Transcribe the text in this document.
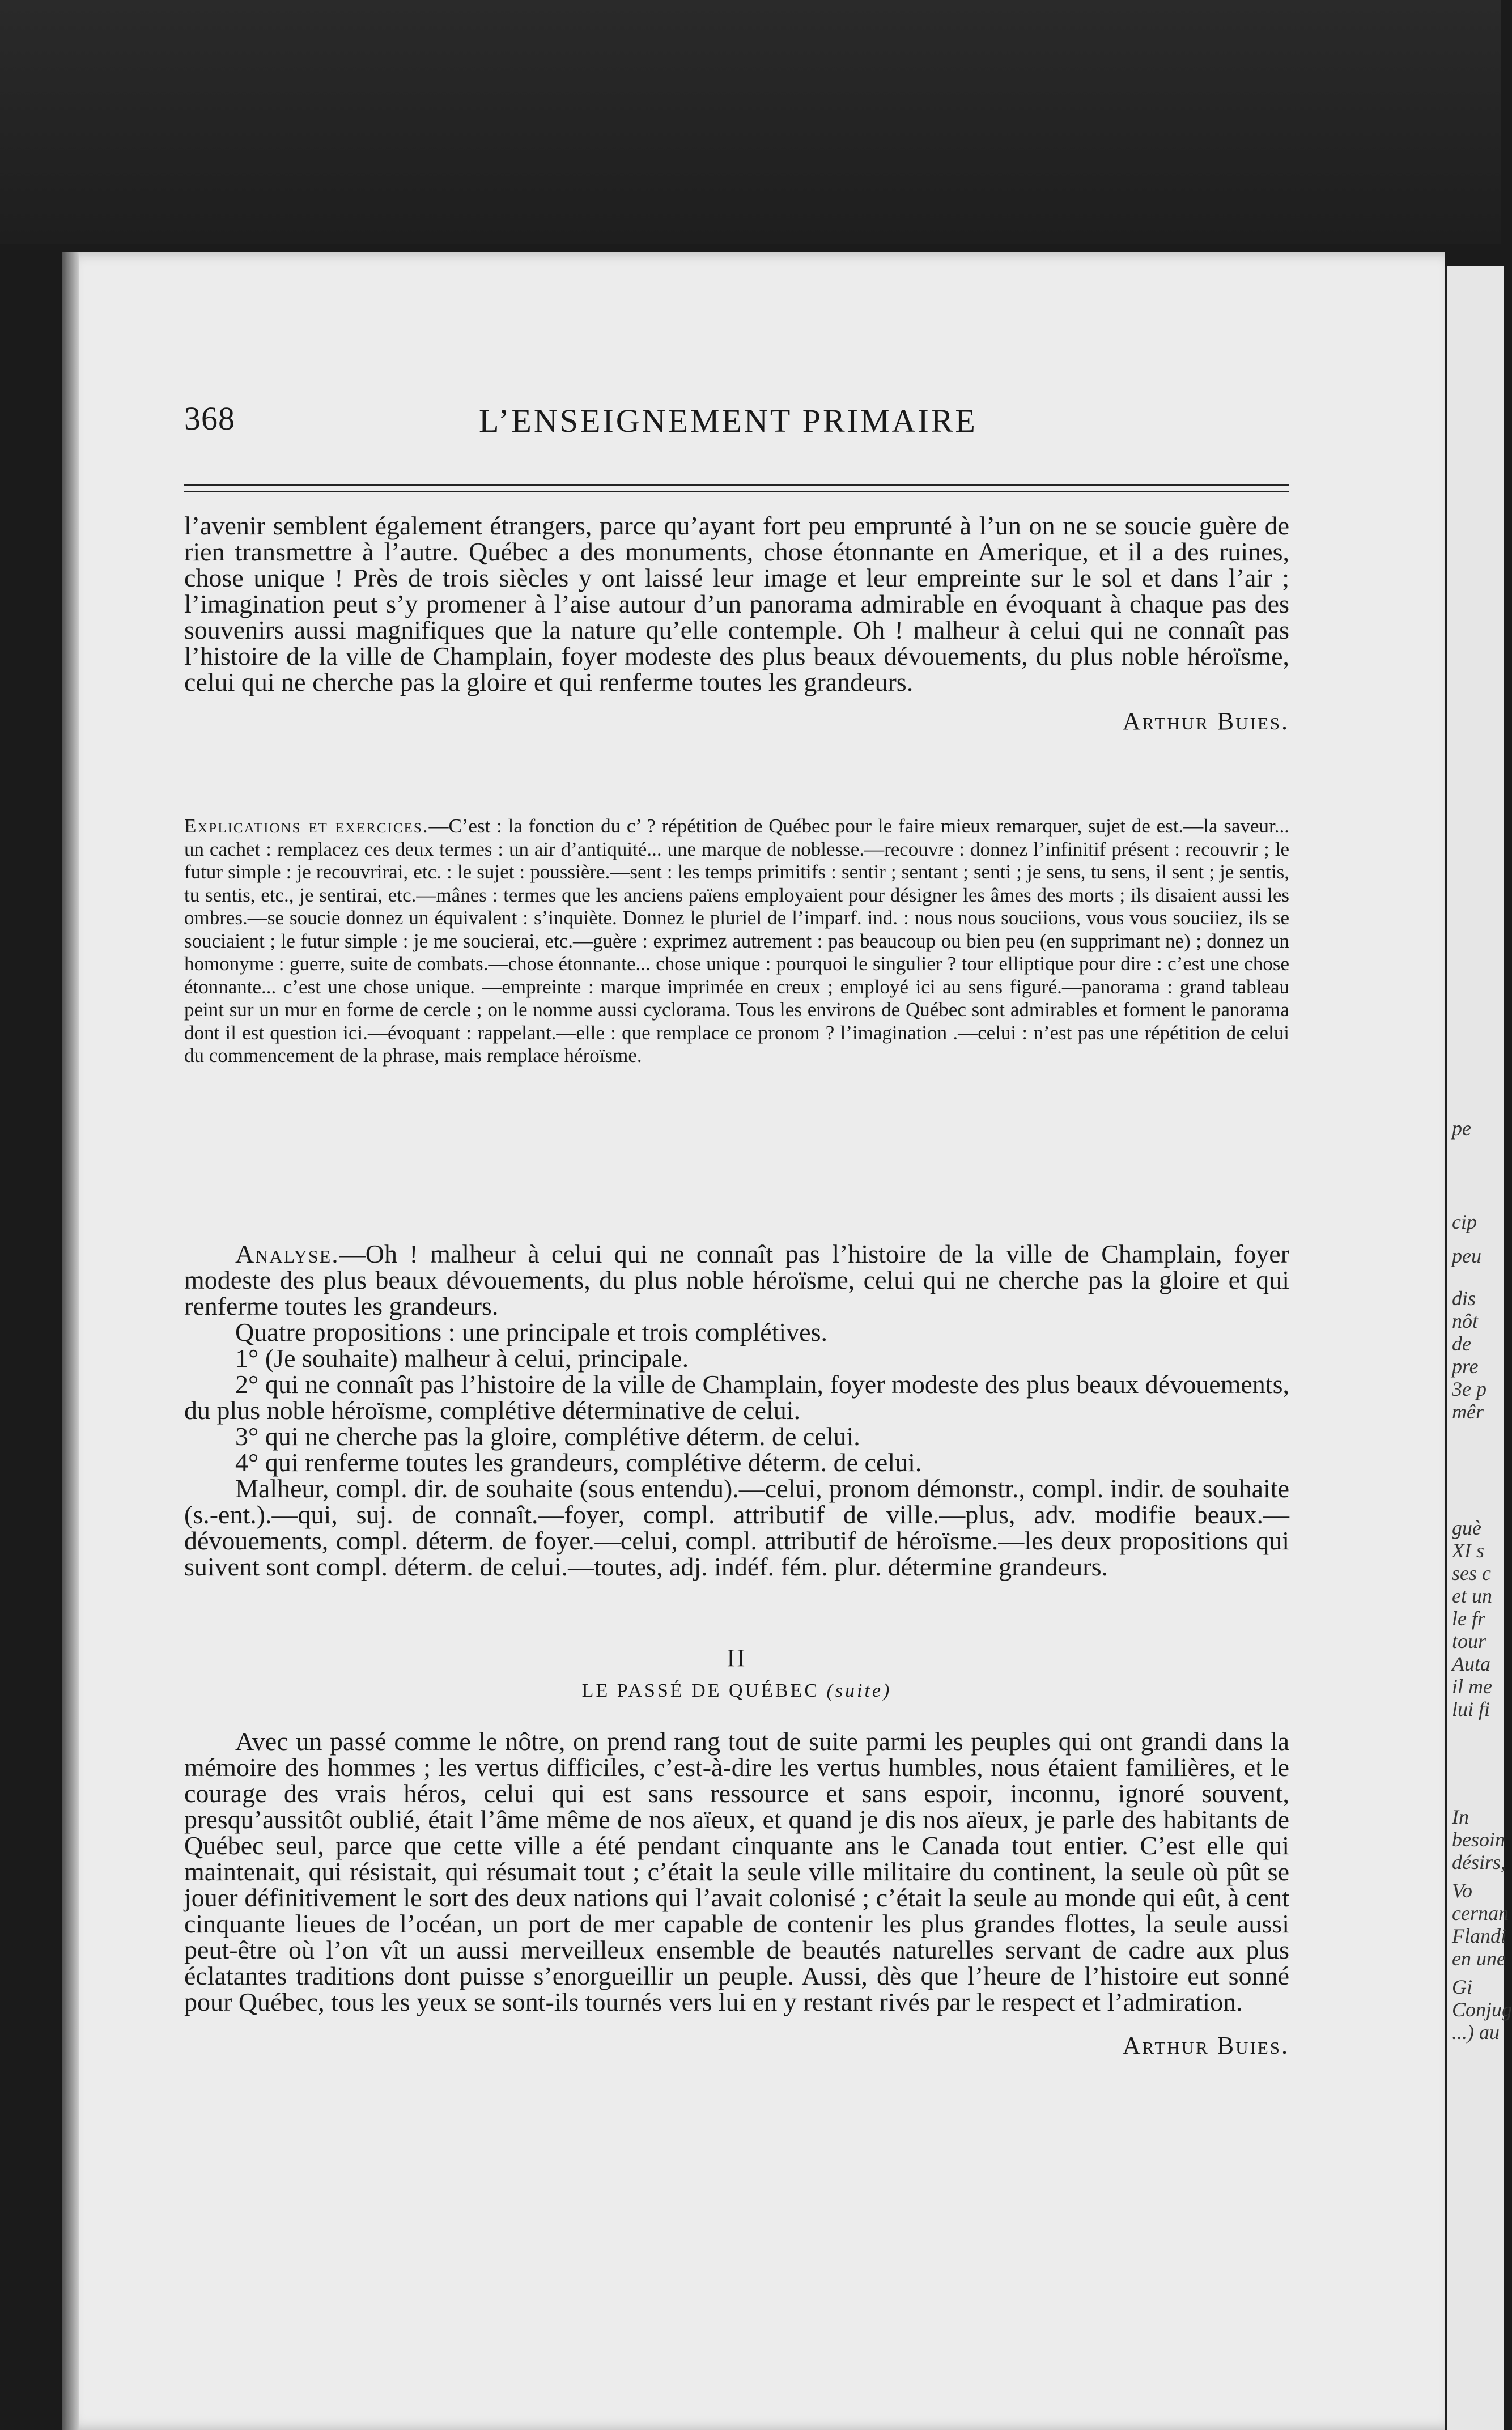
pe
cip
peu
dis
nôt
de
pre
3e p
mêr
guè
XI s
ses c
et un
le fr
tour
Auta
il me
lui fi
In
besoin
désirs,
Vo
cernan
Flandi
en une
Gi
Conjug
...) au
368	L’ENSEIGNEMENT PRIMAIRE

l’avenir semblent également étrangers, parce qu’ayant fort peu emprunté à l’un on ne se soucie guère de rien transmettre à l’autre. Québec a des monuments, chose étonnante en Amerique, et il a des ruines, chose unique ! Près de trois siècles y ont laissé leur image et leur empreinte sur le sol et dans l’air ; l’imagination peut s’y promener à l’aise autour d’un panorama admirable en évoquant à chaque pas des souvenirs aussi magnifiques que la nature qu’elle contemple. Oh ! malheur à celui qui ne connaît pas l’histoire de la ville de Champlain, foyer modeste des plus beaux dévouements, du plus noble héroïsme, celui qui ne cherche pas la gloire et qui renferme toutes les grandeurs.

Arthur Buies.

Explications et exercices.—C’est : la fonction du c’ ? répétition de Québec pour le faire mieux remarquer, sujet de est.—la saveur... un cachet : remplacez ces deux termes : un air d’antiquité... une marque de noblesse.—recouvre : donnez l’infinitif présent : recouvrir ; le futur simple : je recouvrirai, etc. : le sujet : poussière.—sent : les temps primitifs : sentir ; sentant ; senti ; je sens, tu sens, il sent ; je sentis, tu sentis, etc., je sentirai, etc.—mânes : termes que les anciens païens employaient pour désigner les âmes des morts ; ils disaient aussi les ombres.—se soucie donnez un équivalent : s’inquiète. Donnez le pluriel de l’imparf. ind. : nous nous souciions, vous vous souciiez, ils se souciaient ; le futur simple : je me soucierai, etc.—guère : exprimez autrement : pas beaucoup ou bien peu (en supprimant ne) ; donnez un homonyme : guerre, suite de combats.—chose étonnante... chose unique : pourquoi le singulier ? tour elliptique pour dire : c’est une chose étonnante... c’est une chose unique. —empreinte : marque imprimée en creux ; employé ici au sens figuré.—panorama : grand tableau peint sur un mur en forme de cercle ; on le nomme aussi cyclorama. Tous les environs de Québec sont admirables et forment le panorama dont il est question ici.—évoquant : rappelant.—elle : que remplace ce pronom ? l’imagination .—celui : n’est pas une répétition de celui du commencement de la phrase, mais remplace héroïsme.

Analyse.—Oh ! malheur à celui qui ne connaît pas l’histoire de la ville de Champlain, foyer modeste des plus beaux dévouements, du plus noble héroïsme, celui qui ne cherche pas la gloire et qui renferme toutes les grandeurs.

Quatre propositions : une principale et trois complétives.
1° (Je souhaite) malheur à celui, principale.

2° qui ne connaît pas l’histoire de la ville de Champlain, foyer modeste des plus beaux dévouements, du plus noble héroïsme, complétive déterminative de celui.

3° qui ne cherche pas la gloire, complétive déterm. de celui.
4° qui renferme toutes les grandeurs, complétive déterm. de celui.

Malheur, compl. dir. de souhaite (sous entendu).—celui, pronom démonstr., compl. indir. de souhaite (s.-ent.).—qui, suj. de connaît.—foyer, compl. attributif de ville.—plus, adv. modifie beaux.—dévouements, compl. déterm. de foyer.—celui, compl. attributif de héroïsme.—les deux propositions qui suivent sont compl. déterm. de celui.—toutes, adj. indéf. fém. plur. détermine grandeurs.

II

LE PASSÉ DE QUÉBEC (suite)

Avec un passé comme le nôtre, on prend rang tout de suite parmi les peuples qui ont grandi dans la mémoire des hommes ; les vertus difficiles, c’est-à-dire les vertus humbles, nous étaient familières, et le courage des vrais héros, celui qui est sans ressource et sans espoir, inconnu, ignoré souvent, presqu’aussitôt oublié, était l’âme même de nos aïeux, et quand je dis nos aïeux, je parle des habitants de Québec seul, parce que cette ville a été pendant cinquante ans le Canada tout entier. C’est elle qui maintenait, qui résistait, qui résumait tout ; c’était la seule ville militaire du continent, la seule où pût se jouer définitivement le sort des deux nations qui l’avait colonisé ; c’était la seule au monde qui eût, à cent cinquante lieues de l’océan, un port de mer capable de contenir les plus grandes flottes, la seule aussi peut-être où l’on vît un aussi merveilleux ensemble de beautés naturelles servant de cadre aux plus éclatantes traditions dont puisse s’enorgueillir un peuple. Aussi, dès que l’heure de l’histoire eut sonné pour Québec, tous les yeux se sont-ils tournés vers lui en y restant rivés par le respect et l’admiration.

Arthur Buies.
